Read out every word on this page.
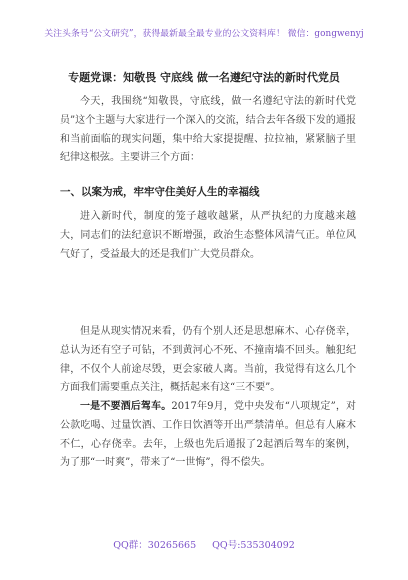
关注头条号“公文研究”，获得最新最全最专业的公文资料库！ 微信：gongwenyj
专题党课：知敬畏 守底线 做一名遵纪守法的新时代党员

今天，我围绕“知敬畏，守底线，做一名遵纪守法的新时代党员”这个主题与大家进行一个深入的交流，结合去年各级下发的通报和当前面临的现实问题，集中给大家提提醒、拉拉袖，紧紧脑子里纪律这根弦。主要讲三个方面：

一、以案为戒，牢牢守住美好人生的幸福线

进入新时代，制度的笼子越收越紧，从严执纪的力度越来越大，同志们的法纪意识不断增强，政治生态整体风清气正。单位风气好了，受益最大的还是我们广大党员群众。

但是从现实情况来看，仍有个别人还是思想麻木、心存侥幸，总认为还有空子可钻，不到黄河心不死、不撞南墙不回头。触犯纪律，不仅个人前途尽毁，更会家破人离。当前，我觉得有这么几个方面我们需要重点关注，概括起来有这“三不要”。

一是不要酒后驾车。2017年9月，党中央发布“八项规定”，对公款吃喝、过量饮酒、工作日饮酒等开出严禁清单。但总有人麻木不仁，心存侥幸。去年，上级也先后通报了2起酒后驾车的案例，为了那“一时爽”，带来了“一世悔”，得不偿失。

QQ群：30265665 QQ号:535304092
